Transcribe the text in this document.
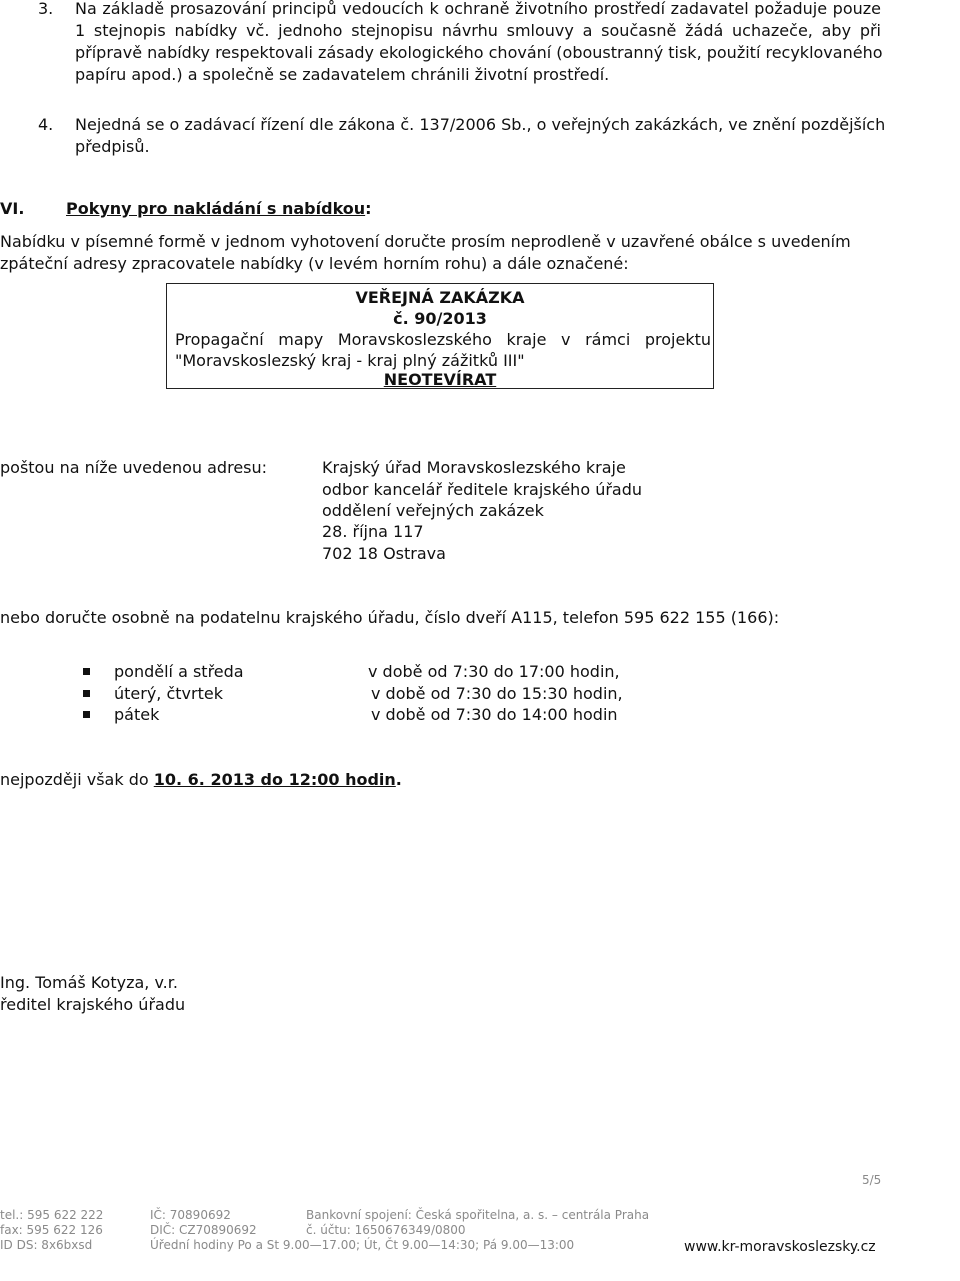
3. Na základě prosazování principů vedoucích k ochraně životního prostředí zadavatel požaduje pouze
1 stejnopis nabídky vč. jednoho stejnopisu návrhu smlouvy a současně žádá uchazeče, aby při
přípravě nabídky respektovali zásady ekologického chování (oboustranný tisk, použití recyklovaného
papíru apod.) a společně se zadavatelem chránili životní prostředí.
4. Nejedná se o zadávací řízení dle zákona č. 137/2006 Sb., o veřejných zakázkách, ve znění pozdějších
předpisů.
VI.	Pokyny pro nakládání s nabídkou:
Nabídku v písemné formě v jednom vyhotovení doručte prosím neprodleně v uzavřené obálce s uvedením
zpáteční adresy zpracovatele nabídky (v levém horním rohu) a dále označené:
VEŘEJNÁ ZAKÁZKA
č. 90/2013
Propagační mapy Moravskoslezského kraje v rámci projektu
"Moravskoslezský kraj - kraj plný zážitků III"
NEOTEVÍRAT
poštou na níže uvedenou adresu:	Krajský úřad Moravskoslezského kraje
odbor kancelář ředitele krajského úřadu
oddělení veřejných zakázek
28. října 117
702 18 Ostrava
nebo doručte osobně na podatelnu krajského úřadu, číslo dveří A115, telefon 595 622 155 (166):
pondělí a středa	v době od 7:30 do 17:00 hodin,
úterý, čtvrtek	v době od 7:30 do 15:30 hodin,
pátek	v době od 7:30 do 14:00 hodin
nejpozději však do 10. 6. 2013 do 12:00 hodin.
Ing. Tomáš Kotyza, v.r.
ředitel krajského úřadu
5/5
tel.: 595 622 222
fax: 595 622 126
ID DS: 8x6bxsd
IČ: 70890692
DIČ: CZ70890692
Úřední hodiny Po a St 9.00—17.00; Út, Čt 9.00—14:30; Pá 9.00—13:00
Bankovní spojení: Česká spořitelna, a. s. – centrála Praha
č. účtu: 1650676349/0800
www.kr-moravskoslezsky.cz
